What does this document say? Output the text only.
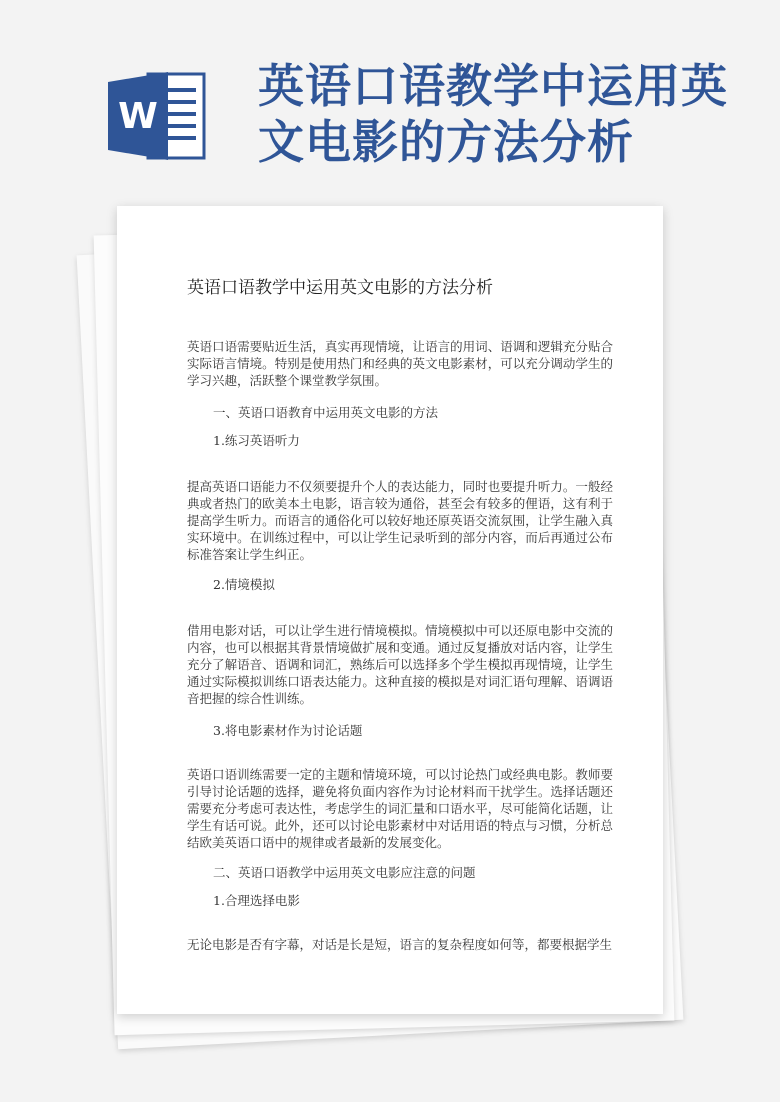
W
英语口语教学中运用英文电影的方法分析
英语口语教学中运用英文电影的方法分析
英语口语需要贴近生活，真实再现情境，让语言的用词、语调和逻辑充分贴合实际语言情境。特别是使用热门和经典的英文电影素材，可以充分调动学生的学习兴趣，活跃整个课堂教学氛围。
一、英语口语教育中运用英文电影的方法
1.练习英语听力
提高英语口语能力不仅须要提升个人的表达能力，同时也要提升听力。一般经典或者热门的欧美本土电影，语言较为通俗，甚至会有较多的俚语，这有利于提高学生听力。而语言的通俗化可以较好地还原英语交流氛围，让学生融入真实环境中。在训练过程中，可以让学生记录听到的部分内容，而后再通过公布标准答案让学生纠正。
2.情境模拟
借用电影对话，可以让学生进行情境模拟。情境模拟中可以还原电影中交流的内容，也可以根据其背景情境做扩展和变通。通过反复播放对话内容，让学生充分了解语音、语调和词汇，熟练后可以选择多个学生模拟再现情境，让学生通过实际模拟训练口语表达能力。这种直接的模拟是对词汇语句理解、语调语音把握的综合性训练。
3.将电影素材作为讨论话题
英语口语训练需要一定的主题和情境环境，可以讨论热门或经典电影。教师要引导讨论话题的选择，避免将负面内容作为讨论材料而干扰学生。选择话题还需要充分考虑可表达性，考虑学生的词汇量和口语水平，尽可能简化话题，让学生有话可说。此外，还可以讨论电影素材中对话用语的特点与习惯，分析总结欧美英语口语中的规律或者最新的发展变化。
二、英语口语教学中运用英文电影应注意的问题
1.合理选择电影
无论电影是否有字幕，对话是长是短，语言的复杂程度如何等，都要根据学生
